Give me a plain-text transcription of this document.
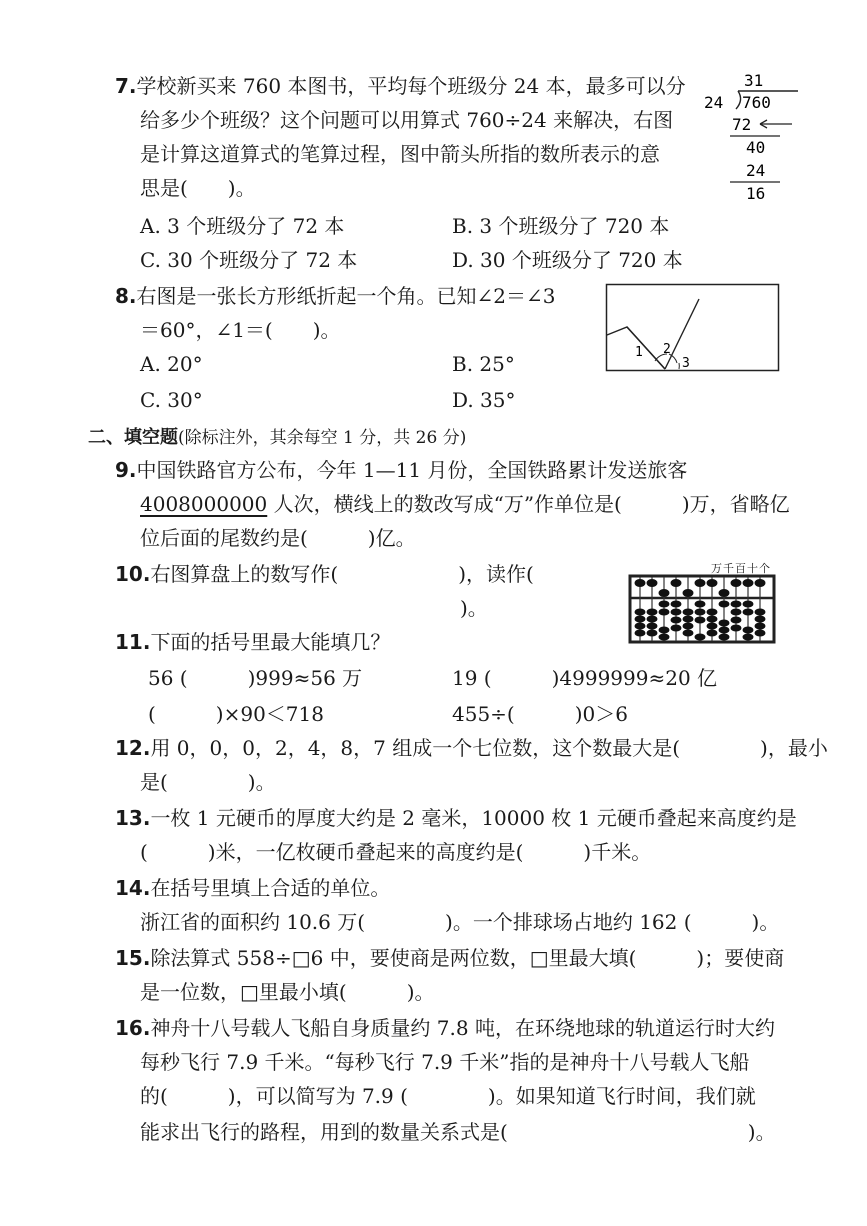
7.学校新买来 760 本图书，平均每个班级分 24 本，最多可以分
给多少个班级？这个问题可以用算式 760÷24 来解决，右图
是计算这道算式的笔算过程，图中箭头所指的数所表示的意
思是(　　)。
31
24 760
72
40
24
16
A. 3 个班级分了 72 本	B. 3 个班级分了 720 本
C. 30 个班级分了 72 本	D. 30 个班级分了 720 本
8.右图是一张长方形纸折起一个角。已知∠2＝∠3
＝60°，∠1＝(　　)。
A. 20°	B. 25°
C. 30°	D. 35°
1 2
3
二、填空题(除标注外，其余每空 1 分，共 26 分)
9.中国铁路官方公布，今年 1—11 月份，全国铁路累计发送旅客
4008000000 人次，横线上的数改写成“万”作单位是(　　　)万，省略亿
位后面的尾数约是(　　　)亿。
10.右图算盘上的数写作(　　　　　　)，读作(
　　　　　　　　　　　　　　　　)。
万千百十个
11.下面的括号里最大能填几？
56 (　　　)999≈56 万	19 (　　　)4999999≈20 亿
(　　　)×90＜718	455÷(　　　)0＞6
12.用 0，0，0，2，4，8，7 组成一个七位数，这个数最大是(　　　　)，最小
是(　　　　)。
13.一枚 1 元硬币的厚度大约是 2 毫米，10000 枚 1 元硬币叠起来高度约是
(　　　)米，一亿枚硬币叠起来的高度约是(　　　)千米。
14.在括号里填上合适的单位。
浙江省的面积约 10.6 万(　　　　)。一个排球场占地约 162 (　　　)。
15.除法算式 558÷□6 中，要使商是两位数，□里最大填(　　　)；要使商
是一位数，□里最小填(　　　)。
16.神舟十八号载人飞船自身质量约 7.8 吨，在环绕地球的轨道运行时大约
每秒飞行 7.9 千米。“每秒飞行 7.9 千米”指的是神舟十八号载人飞船
的(　　　)，可以简写为 7.9 (　　　　)。如果知道飞行时间，我们就
能求出飞行的路程，用到的数量关系式是(　　　　　　　　　　　　)。
